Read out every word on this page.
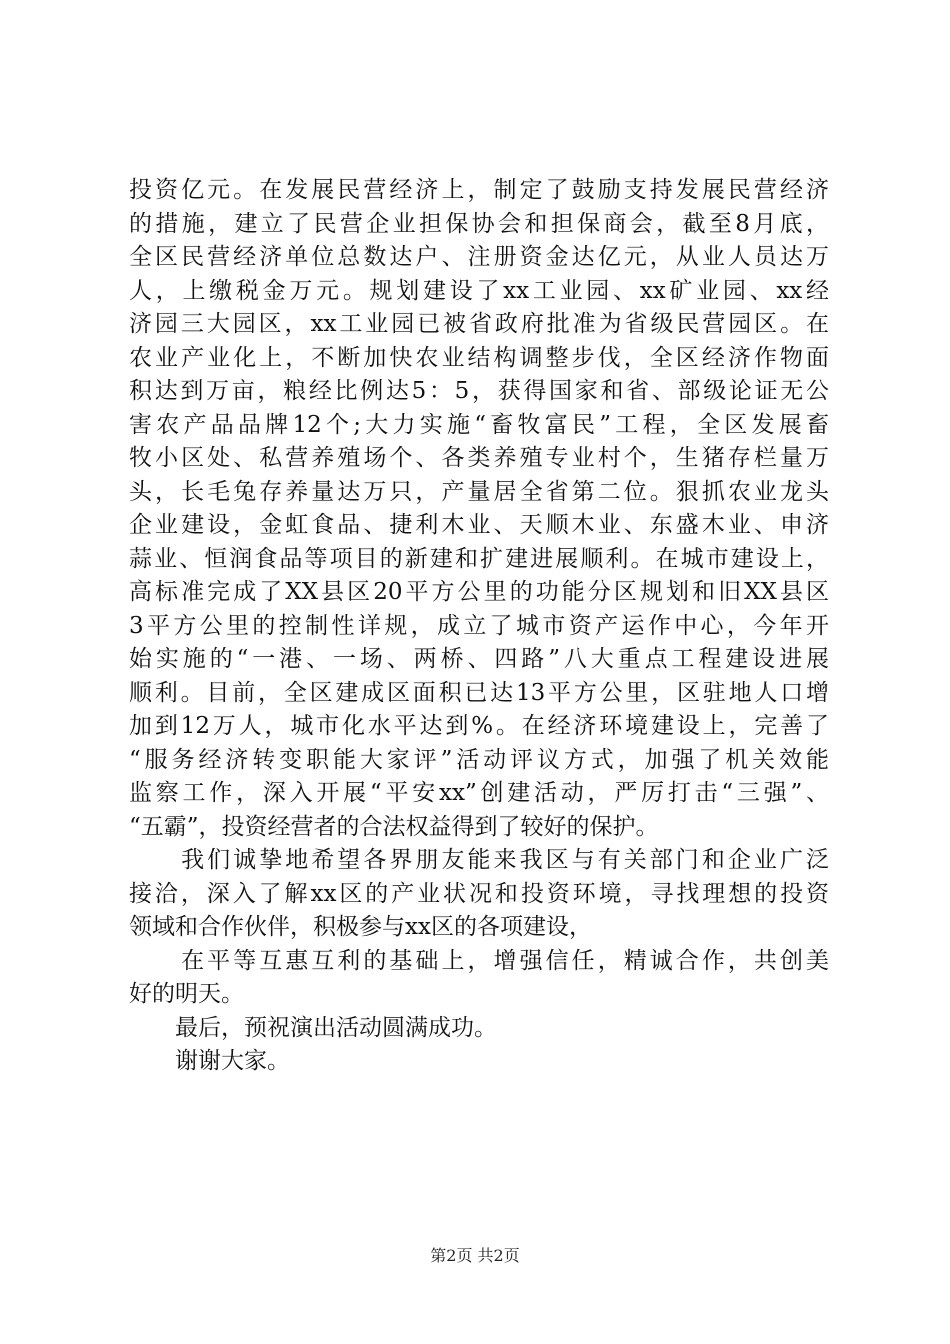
投资亿元。在发展民营经济上，制定了鼓励支持发展民营经济
的措施，建立了民营企业担保协会和担保商会，截至8月底，
全区民营经济单位总数达户、注册资金达亿元，从业人员达万
人，上缴税金万元。规划建设了xx工业园、xx矿业园、xx经
济园三大园区，xx工业园已被省政府批准为省级民营园区。在
农业产业化上，不断加快农业结构调整步伐，全区经济作物面
积达到万亩，粮经比例达5：5，获得国家和省、部级论证无公
害农产品品牌12个;大力实施“畜牧富民”工程，全区发展畜
牧小区处、私营养殖场个、各类养殖专业村个，生猪存栏量万
头，长毛兔存养量达万只，产量居全省第二位。狠抓农业龙头
企业建设，金虹食品、捷利木业、天顺木业、东盛木业、申济
蒜业、恒润食品等项目的新建和扩建进展顺利。在城市建设上，
高标准完成了XX县区20平方公里的功能分区规划和旧XX县区
3平方公里的控制性详规，成立了城市资产运作中心，今年开
始实施的“一港、一场、两桥、四路”八大重点工程建设进展
顺利。目前，全区建成区面积已达13平方公里，区驻地人口增
加到12万人，城市化水平达到%。在经济环境建设上，完善了
“服务经济转变职能大家评”活动评议方式，加强了机关效能
监察工作，深入开展“平安xx”创建活动，严厉打击“三强”、
“五霸”，投资经营者的合法权益得到了较好的保护。
　　我们诚挚地希望各界朋友能来我区与有关部门和企业广泛
接洽，深入了解xx区的产业状况和投资环境，寻找理想的投资
领域和合作伙伴，积极参与xx区的各项建设，
　　在平等互惠互利的基础上，增强信任，精诚合作，共创美
好的明天。
　　最后，预祝演出活动圆满成功。
　　谢谢大家。
第2页 共2页
